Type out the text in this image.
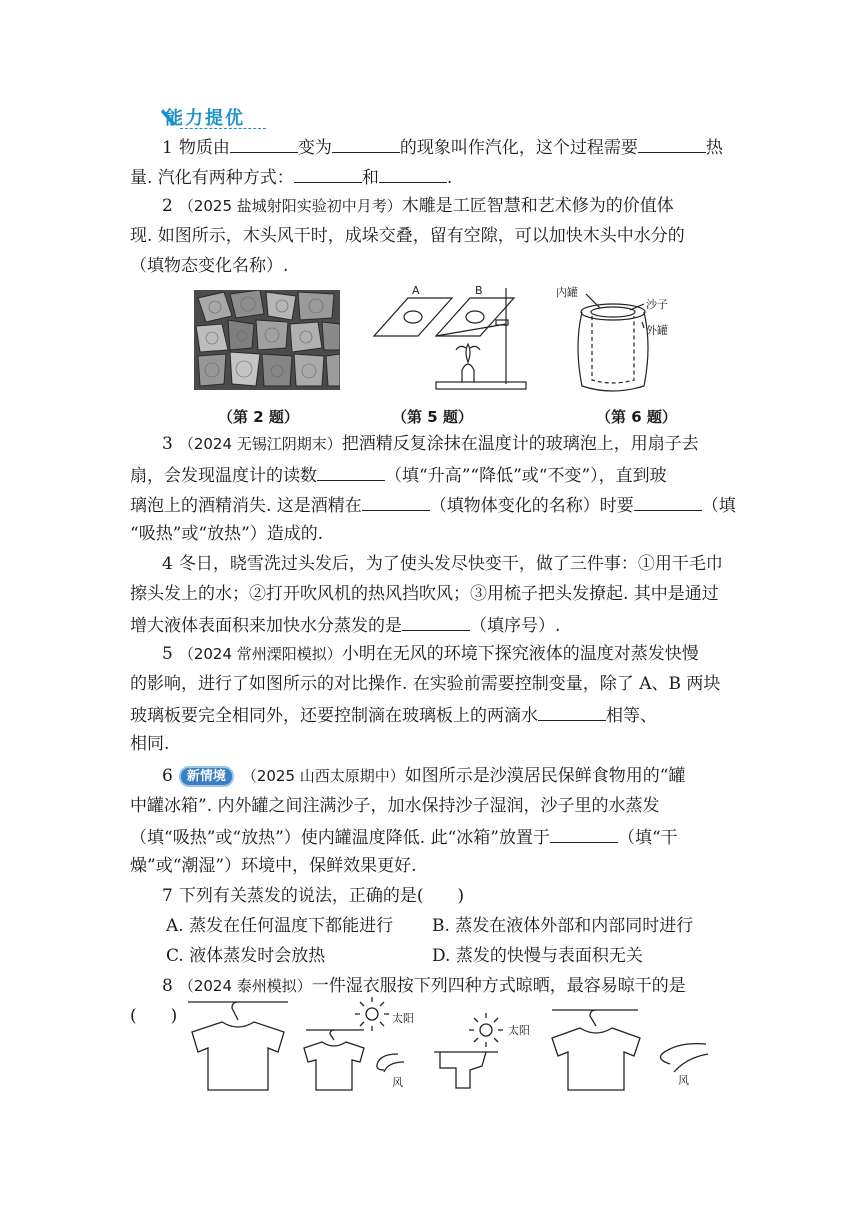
能力提优
1 物质由	变为	的现象叫作汽化，这个过程需要	热
量. 汽化有两种方式：	和	.
2 （2025 盐城射阳实验初中月考）木雕是工匠智慧和艺术修为的价值体
现. 如图所示，木头风干时，成垛交叠，留有空隙，可以加快木头中水分的
（填物态变化名称）.
（第 2 题）
A	B
（第 5 题）
内罐
沙子
外罐
（第 6 题）
3 （2024 无锡江阴期末）把酒精反复涂抹在温度计的玻璃泡上，用扇子去
扇，会发现温度计的读数	（填“升高”“降低”或“不变”），直到玻
璃泡上的酒精消失. 这是酒精在	（填物体变化的名称）时要	（填
“吸热”或“放热”）造成的.
4 冬日，晓雪洗过头发后，为了使头发尽快变干，做了三件事：①用干毛巾
擦头发上的水；②打开吹风机的热风挡吹风；③用梳子把头发撩起. 其中是通过
增大液体表面积来加快水分蒸发的是	（填序号）.
5 （2024 常州溧阳模拟）小明在无风的环境下探究液体的温度对蒸发快慢
的影响，进行了如图所示的对比操作. 在实验前需要控制变量，除了 A、B 两块
玻璃板要完全相同外，还要控制滴在玻璃板上的两滴水	相等、
相同.
6 新情境 （2025 山西太原期中）如图所示是沙漠居民保鲜食物用的“罐
中罐冰箱”. 内外罐之间注满沙子，加水保持沙子湿润，沙子里的水蒸发
（填“吸热”或“放热”）使内罐温度降低. 此“冰箱”放置于	（填“干
燥”或“潮湿”）环境中，保鲜效果更好.
7 下列有关蒸发的说法，正确的是(　　)
A. 蒸发在任何温度下都能进行 B. 蒸发在液体外部和内部同时进行
C. 液体蒸发时会放热	D. 蒸发的快慢与表面积无关
8 （2024 泰州模拟）一件湿衣服按下列四种方式晾晒，最容易晾干的是
(　　)	太阳
风
太阳
风
